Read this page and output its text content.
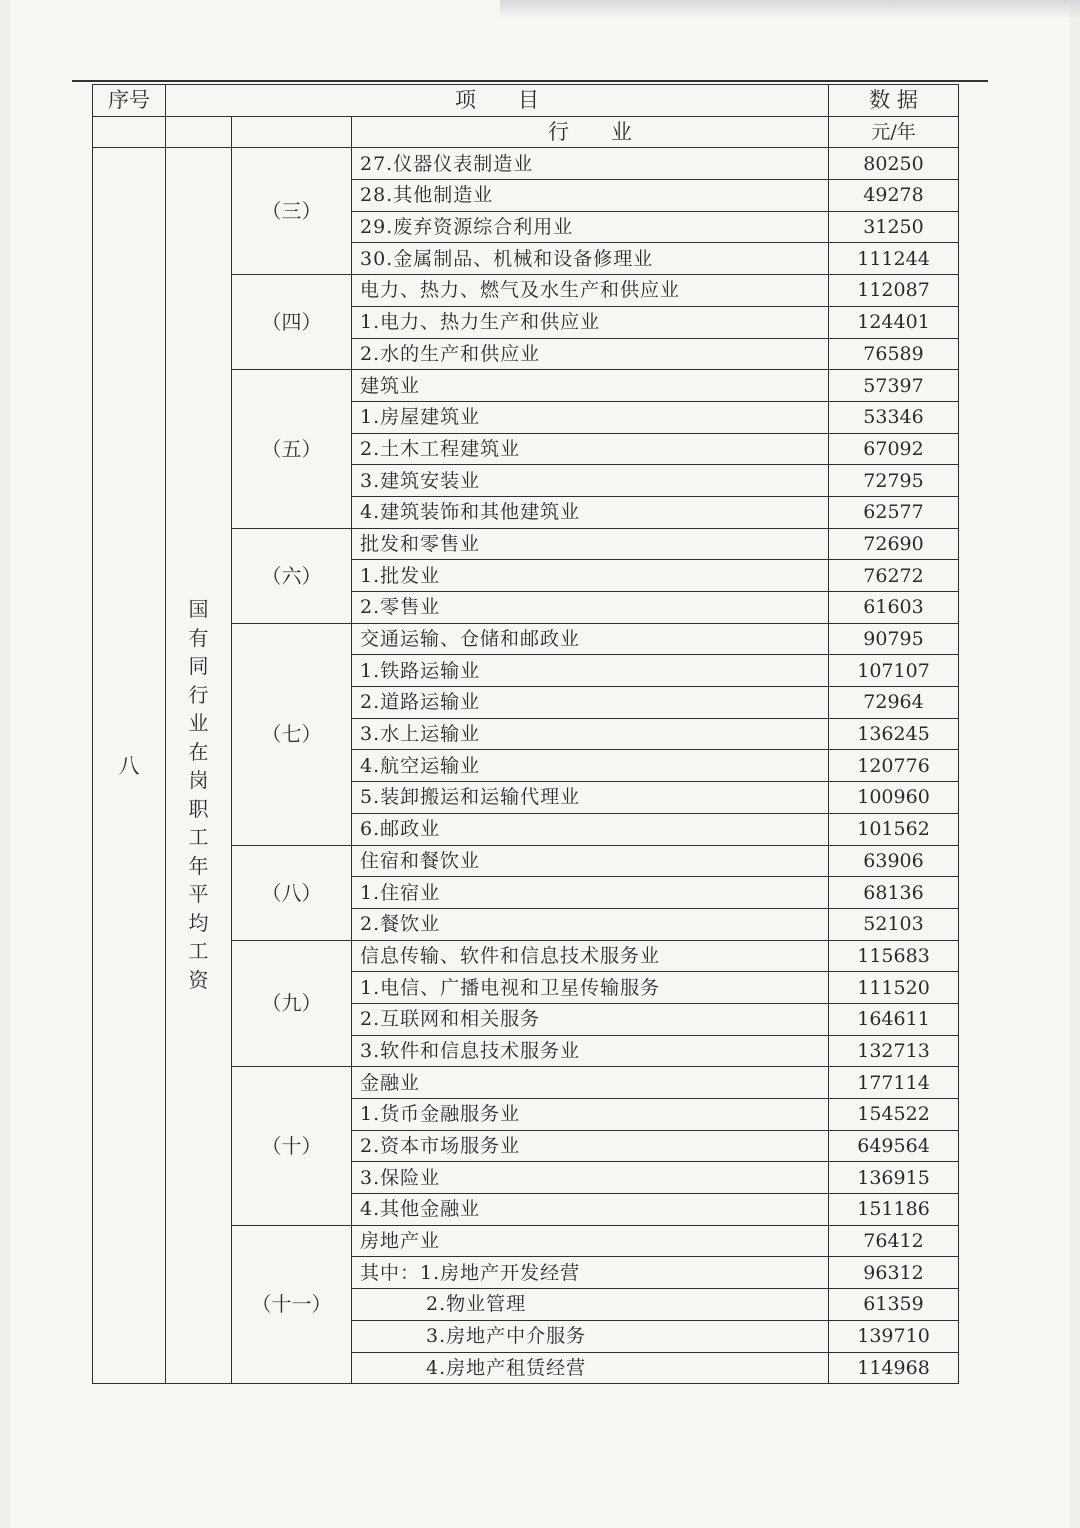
序号	项　　目			数 据
			行　　业	元/年
八	国有同行业在岗职工年平均工资	（三）	27.仪器仪表制造业	80250
			28.其他制造业	49278
			29.废弃资源综合利用业	31250
			30.金属制品、机械和设备修理业	111244
		（四）	电力、热力、燃气及水生产和供应业	112087
			1.电力、热力生产和供应业	124401
			2.水的生产和供应业	76589
		（五）	建筑业	57397
			1.房屋建筑业	53346
			2.土木工程建筑业	67092
			3.建筑安装业	72795
			4.建筑装饰和其他建筑业	62577
		（六）	批发和零售业	72690
			1.批发业	76272
			2.零售业	61603
		（七）	交通运输、仓储和邮政业	90795
			1.铁路运输业	107107
			2.道路运输业	72964
			3.水上运输业	136245
			4.航空运输业	120776
			5.装卸搬运和运输代理业	100960
			6.邮政业	101562
		（八）	住宿和餐饮业	63906
			1.住宿业	68136
			2.餐饮业	52103
		（九）	信息传输、软件和信息技术服务业	115683
			1.电信、广播电视和卫星传输服务	111520
			2.互联网和相关服务	164611
			3.软件和信息技术服务业	132713
		（十）	金融业	177114
			1.货币金融服务业	154522
			2.资本市场服务业	649564
			3.保险业	136915
			4.其他金融业	151186
		（十一）	房地产业	76412
			其中：1.房地产开发经营	96312
			2.物业管理	61359
			3.房地产中介服务	139710
			4.房地产租赁经营	114968
